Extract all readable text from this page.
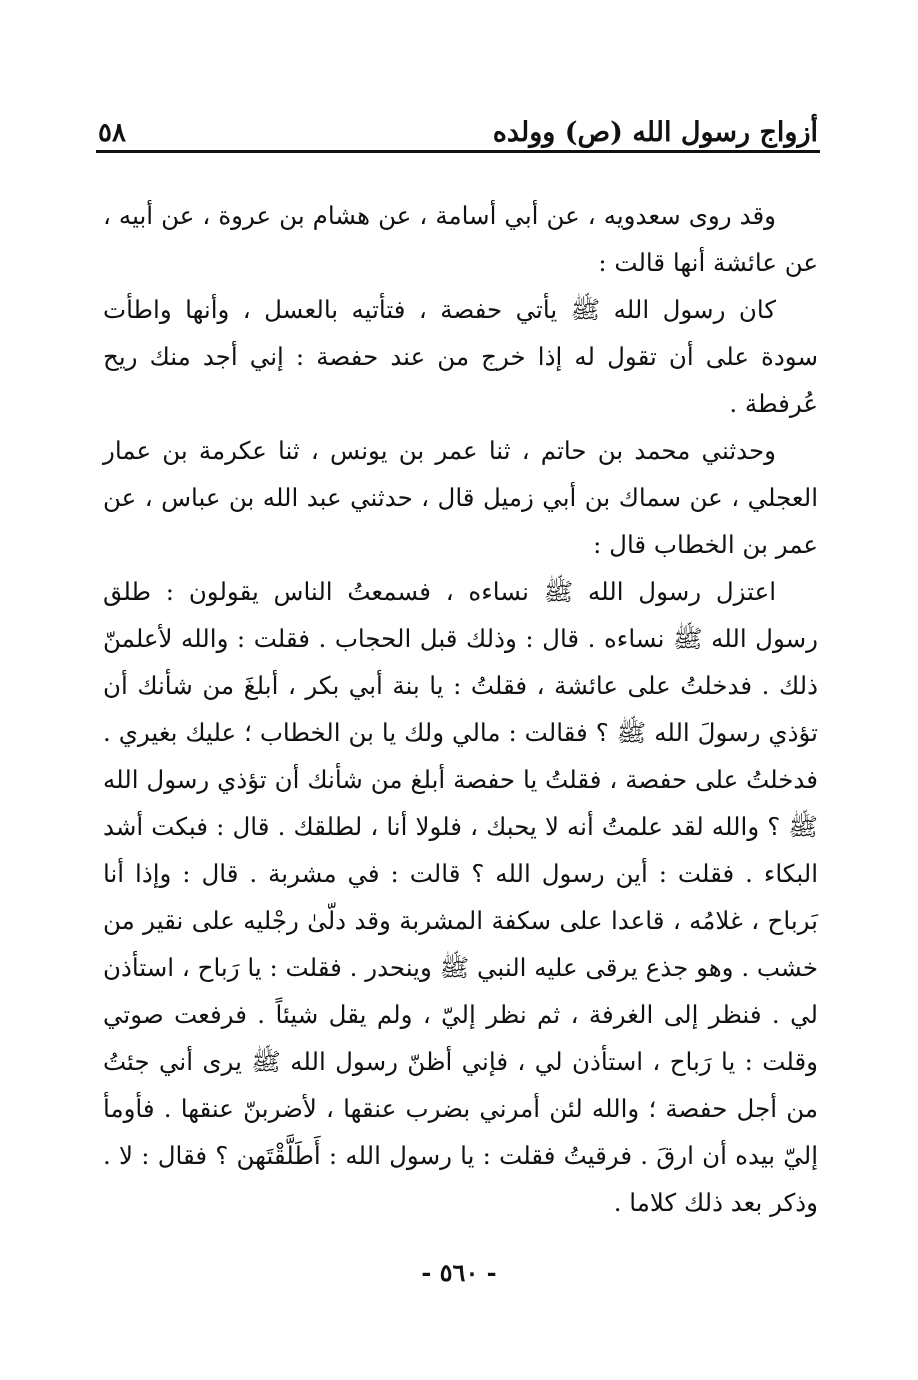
أزواج رسول الله (ص) وولده
٥٨

وقد روى سعدويه ، عن أبي أسامة ، عن هشام بن عروة ، عن أبيه ، عن عائشة أنها قالت :

كان رسول الله ﷺ يأتي حفصة ، فتأتيه بالعسل ، وأنها واطأت سودة على أن تقول له إذا خرج من عند حفصة : إني أجد منك ريح عُرفطة .

وحدثني محمد بن حاتم ، ثنا عمر بن يونس ، ثنا عكرمة بن عمار العجلي ، عن سماك بن أبي زميل قال ، حدثني عبد الله بن عباس ، عن عمر بن الخطاب قال :

اعتزل رسول الله ﷺ نساءه ، فسمعتُ الناس يقولون : طلق رسول الله ﷺ نساءه . قال : وذلك قبل الحجاب . فقلت : والله لأعلمنّ ذلك . فدخلتُ على عائشة ، فقلتُ : يا بنة أبي بكر ، أبلغَ من شأنك أن تؤذي رسولَ الله ﷺ ؟ فقالت : مالي ولك يا بن الخطاب ؛ عليك بغيري . فدخلتُ على حفصة ، فقلتُ يا حفصة أبلغ من شأنك أن تؤذي رسول الله ﷺ ؟ والله لقد علمتُ أنه لا يحبك ، فلولا أنا ، لطلقك . قال : فبكت أشد البكاء . فقلت : أين رسول الله ؟ قالت : في مشربة . قال : وإذا أنا بَرباح ، غلامُه ، قاعدا على سكفة المشربة وقد دلّىٰ رجْليه على نقير من خشب . وهو جذع يرقى عليه النبي ﷺ وينحدر . فقلت : يا رَباح ، استأذن لي . فنظر إلى الغرفة ، ثم نظر إليّ ، ولم يقل شيئاً . فرفعت صوتي وقلت : يا رَباح ، استأذن لي ، فإني أظنّ رسول الله ﷺ يرى أني جئتُ من أجل حفصة ؛ والله لئن أمرني بضرب عنقها ، لأضربنّ عنقها . فأومأ إليّ بيده أن ارقَ . فرقيتُ فقلت : يا رسول الله : أَطَلَّقْتَهن ؟ فقال : لا . وذكر بعد ذلك كلاما .

- ٥٦٠ -
